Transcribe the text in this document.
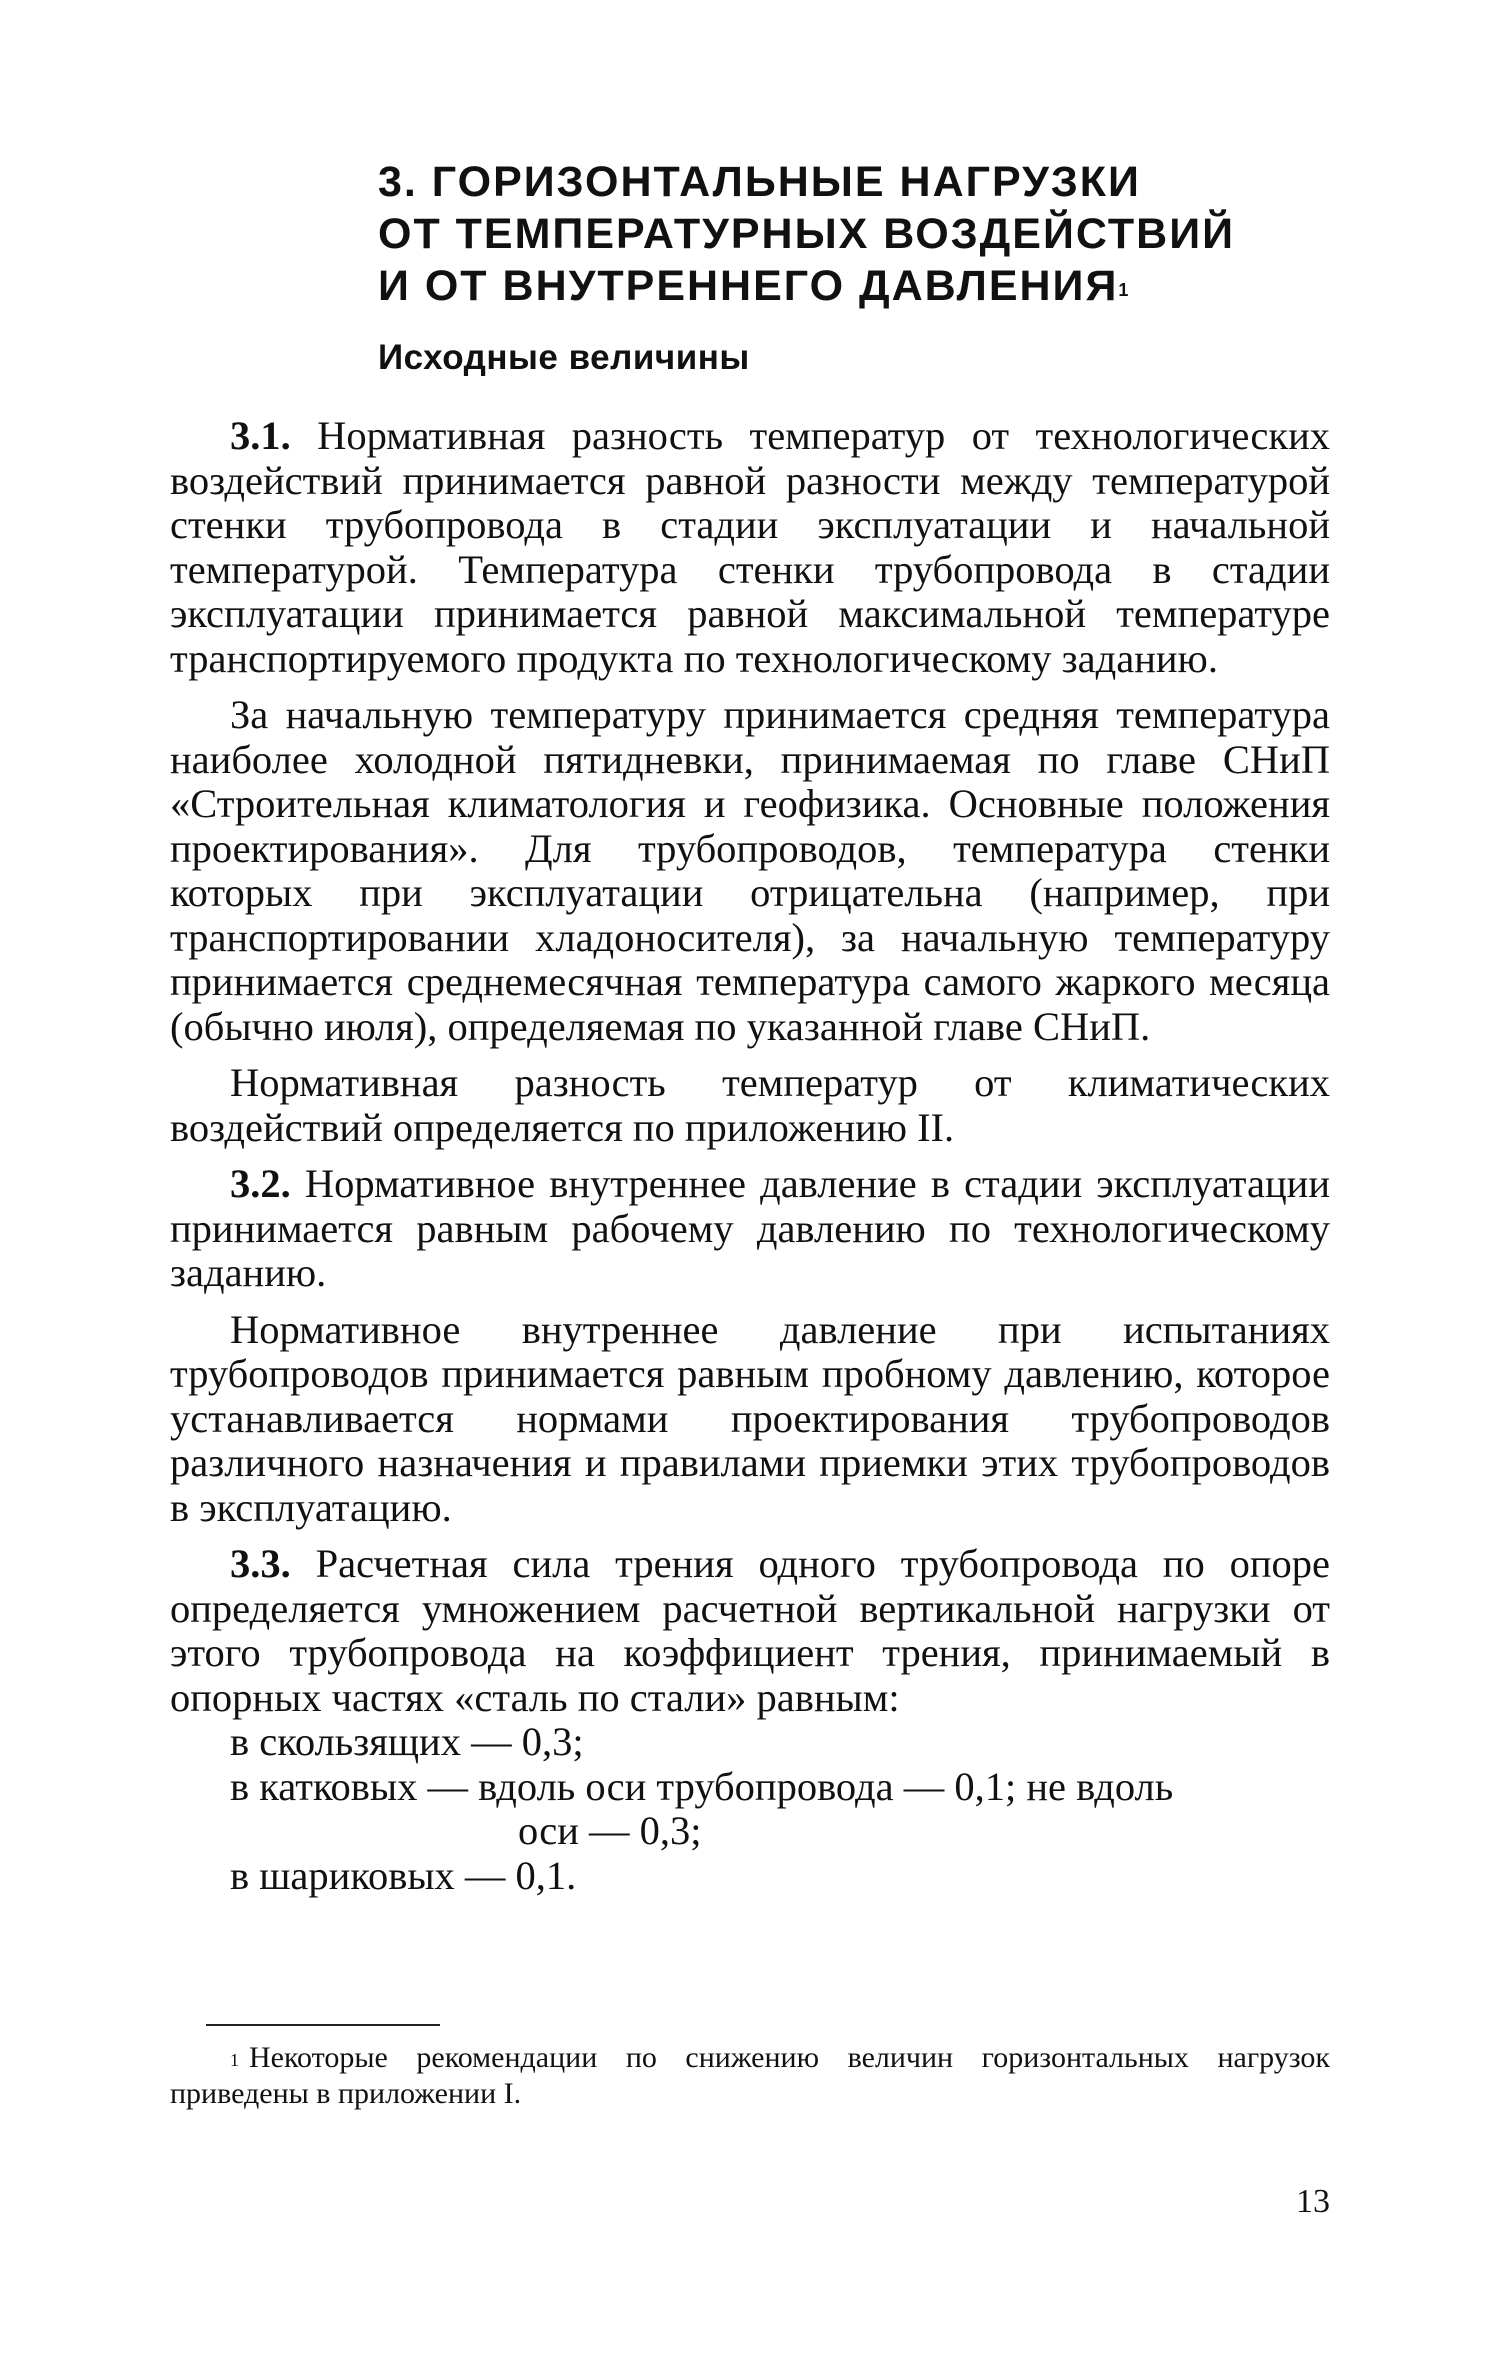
3. ГОРИЗОНТАЛЬНЫЕ НАГРУЗКИ
ОТ ТЕМПЕРАТУРНЫХ ВОЗДЕЙСТВИЙ
И ОТ ВНУТРЕННЕГО ДАВЛЕНИЯ$^1$
Исходные величины

3.1. Нормативная разность температур от технологических воздействий принимается равной разности между температурой стенки трубопровода в стадии эксплуатации и начальной температурой. Температура стенки трубопровода в стадии эксплуатации принимается равной максимальной температуре транспортируемого продукта по технологическому заданию.

За начальную температуру принимается средняя температура наиболее холодной пятидневки, принимаемая по главе СНиП «Строительная климатология и геофизика. Основные положения проектирования». Для трубопроводов, температура стенки которых при эксплуатации отрицательна (например, при транспортировании хладоносителя), за начальную температуру принимается среднемесячная температура самого жаркого месяца (обычно июля), определяемая по указанной главе СНиП.

Нормативная разность температур от климатических воздействий определяется по приложению II.

3.2. Нормативное внутреннее давление в стадии эксплуатации принимается равным рабочему давлению по технологическому заданию.

Нормативное внутреннее давление при испытаниях трубопроводов принимается равным пробному давлению, которое устанавливается нормами проектирования трубопроводов различного назначения и правилами приемки этих трубопроводов в эксплуатацию.

3.3. Расчетная сила трения одного трубопровода по опоре определяется умножением расчетной вертикальной нагрузки от этого трубопровода на коэффициент трения, принимаемый в опорных частях «сталь по стали» равным:

в скользящих — 0,3;
в катковых — вдоль оси трубопровода — 0,1; не вдоль
оси — 0,3;
в шариковых — 0,1.

$^1$ Некоторые рекомендации по снижению величин горизонтальных нагрузок приведены в приложении I.

13
